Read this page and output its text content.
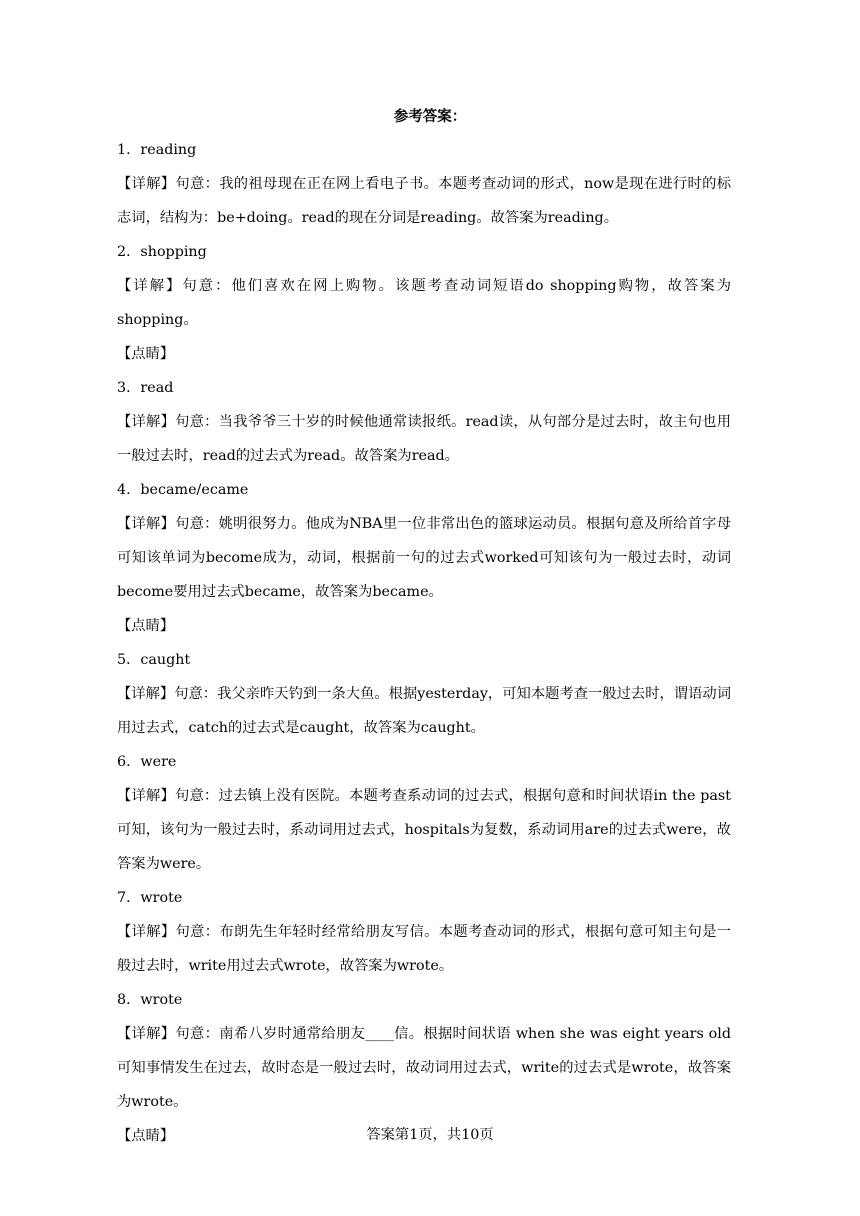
参考答案：

1．reading

【详解】句意：我的祖母现在正在网上看电子书。本题考查动词的形式，now是现在进行时的标志词，结构为：be+doing。read的现在分词是reading。故答案为reading。

2．shopping

【详解】句意：他们喜欢在网上购物。该题考查动词短语do shopping购物，故答案为shopping。

【点睛】

3．read

【详解】句意：当我爷爷三十岁的时候他通常读报纸。read读，从句部分是过去时，故主句也用一般过去时，read的过去式为read。故答案为read。

4．became/ecame

【详解】句意：姚明很努力。他成为NBA里一位非常出色的篮球运动员。根据句意及所给首字母可知该单词为become成为，动词，根据前一句的过去式worked可知该句为一般过去时，动词become要用过去式became，故答案为became。

【点睛】

5．caught

【详解】句意：我父亲昨天钓到一条大鱼。根据yesterday，可知本题考查一般过去时，谓语动词用过去式，catch的过去式是caught，故答案为caught。

6．were

【详解】句意：过去镇上没有医院。本题考查系动词的过去式，根据句意和时间状语in the past可知，该句为一般过去时，系动词用过去式，hospitals为复数，系动词用are的过去式were，故答案为were。

7．wrote

【详解】句意：布朗先生年轻时经常给朋友写信。本题考查动词的形式，根据句意可知主句是一般过去时，write用过去式wrote，故答案为wrote。

8．wrote

【详解】句意：南希八岁时通常给朋友____信。根据时间状语 when she was eight years old可知事情发生在过去，故时态是一般过去时，故动词用过去式，write的过去式是wrote，故答案为wrote。

【点睛】	答案第1页，共10页
